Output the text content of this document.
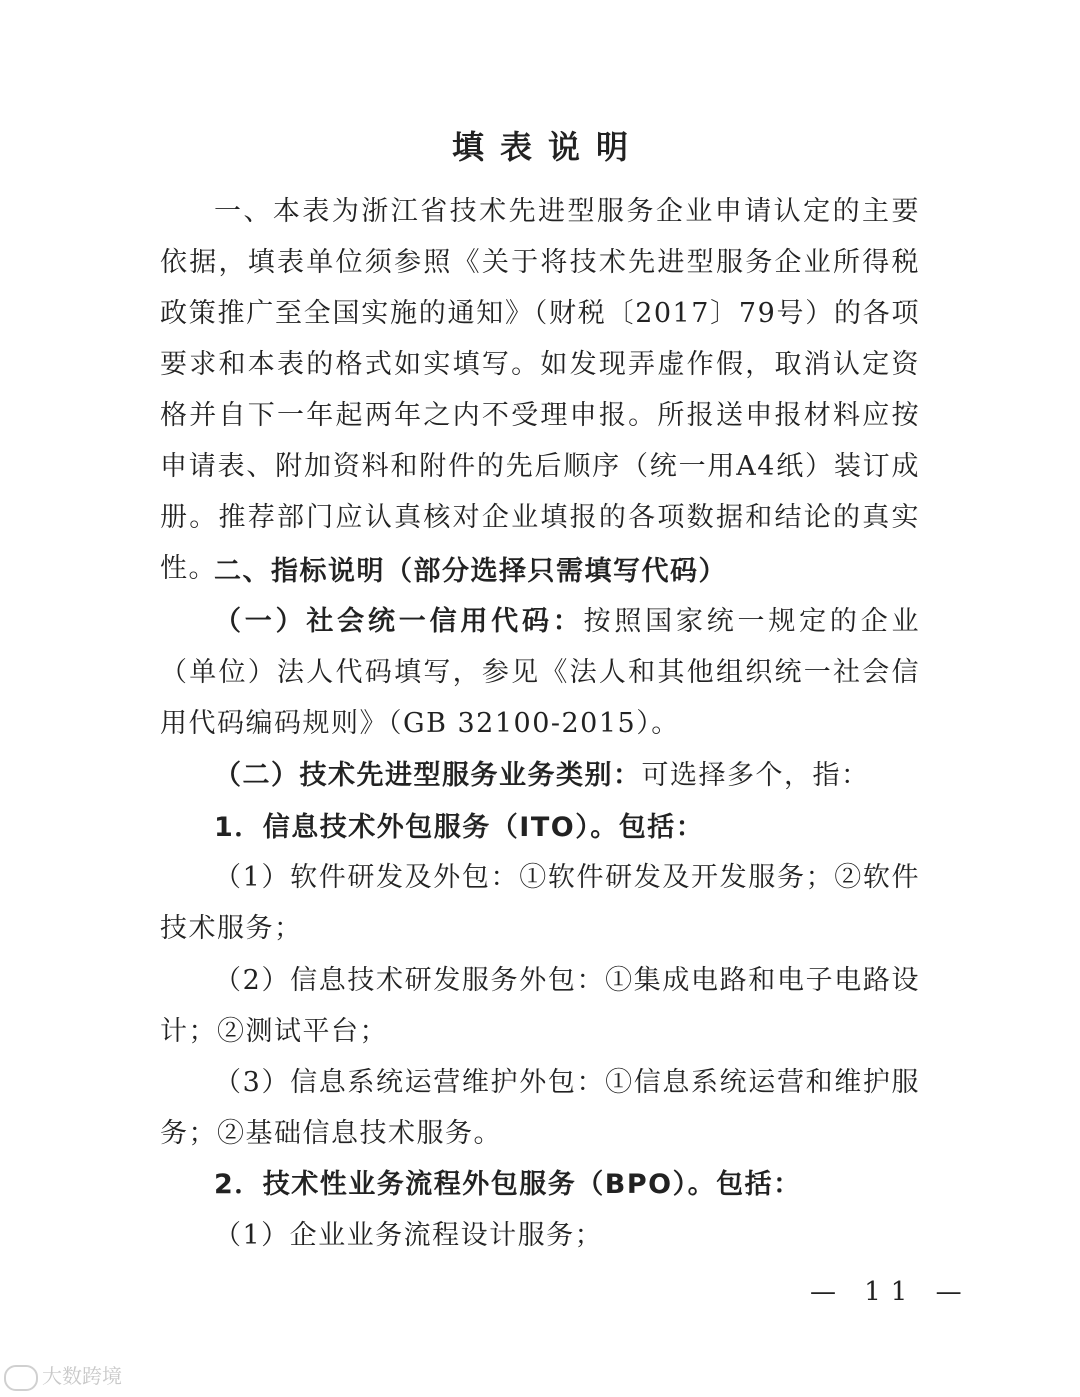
填表说明

一、本表为浙江省技术先进型服务企业申请认定的主要依据，填表单位须参照《关于将技术先进型服务企业所得税政策推广至全国实施的通知》（财税〔2017〕79号）的各项要求和本表的格式如实填写。如发现弄虚作假，取消认定资格并自下一年起两年之内不受理申报。所报送申报材料应按申请表、附加资料和附件的先后顺序（统一用A4纸）装订成册。推荐部门应认真核对企业填报的各项数据和结论的真实性。

二、指标说明（部分选择只需填写代码）

（一）社会统一信用代码：按照国家统一规定的企业（单位）法人代码填写，参见《法人和其他组织统一社会信用代码编码规则》（GB 32100-2015）。

（二）技术先进型服务业务类别：可选择多个，指：

1．信息技术外包服务（ITO）。包括：

（1）软件研发及外包：①软件研发及开发服务；②软件技术服务；

（2）信息技术研发服务外包：①集成电路和电子电路设计；②测试平台；

（3）信息系统运营维护外包：①信息系统运营和维护服务；②基础信息技术服务。

2．技术性业务流程外包服务（BPO）。包括：

（1）企业业务流程设计服务；

— 11 —
大数跨境
